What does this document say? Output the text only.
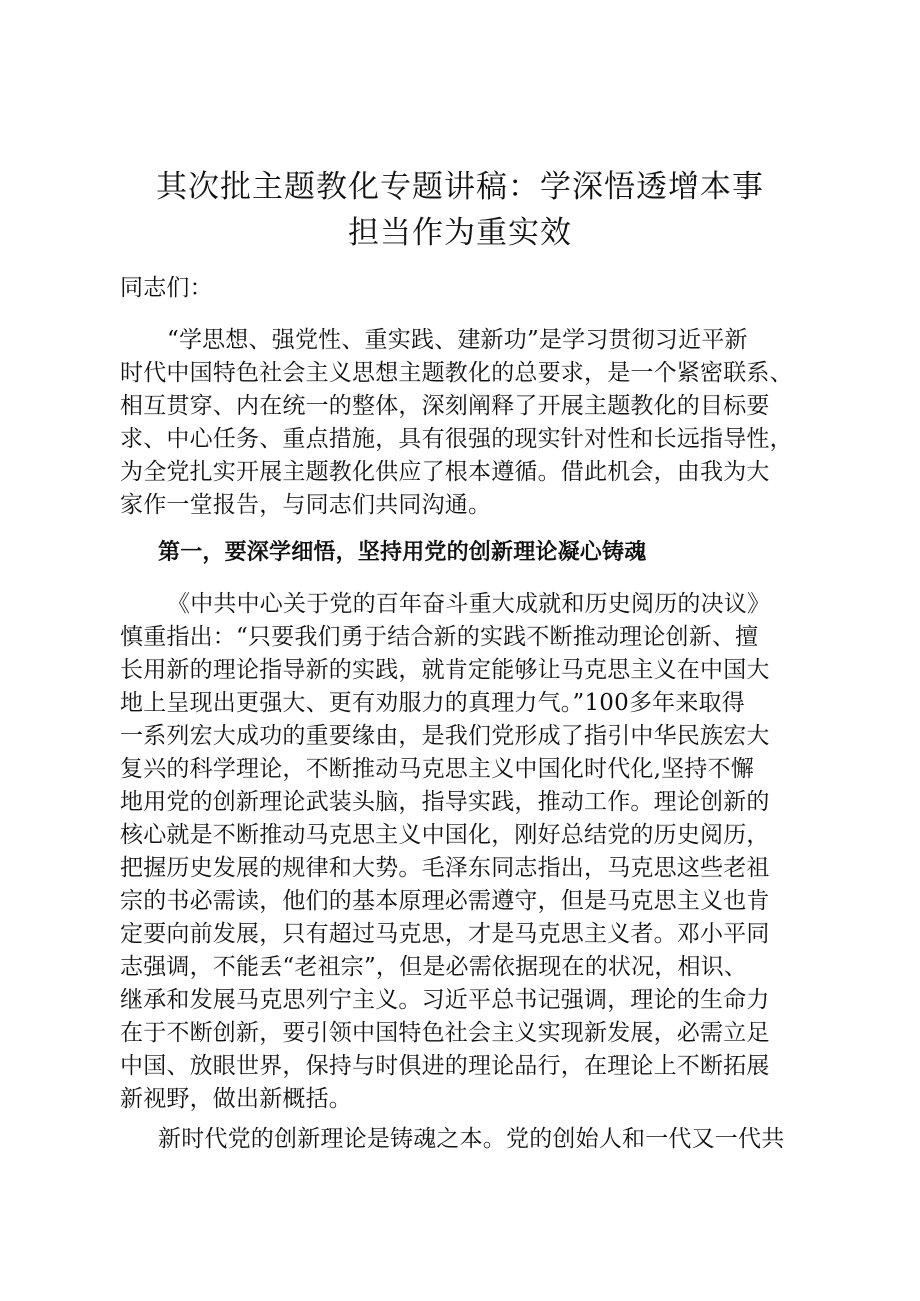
其次批主题教化专题讲稿：学深悟透增本事
担当作为重实效
同志们：
“学思想、强党性、重实践、建新功”是学习贯彻习近平新
时代中国特色社会主义思想主题教化的总要求，是一个紧密联系、
相互贯穿、内在统一的整体，深刻阐释了开展主题教化的目标要
求、中心任务、重点措施，具有很强的现实针对性和长远指导性，
为全党扎实开展主题教化供应了根本遵循。借此机会，由我为大
家作一堂报告，与同志们共同沟通。
第一，要深学细悟，坚持用党的创新理论凝心铸魂
《中共中心关于党的百年奋斗重大成就和历史阅历的决议》
慎重指出：“只要我们勇于结合新的实践不断推动理论创新、擅
长用新的理论指导新的实践，就肯定能够让马克思主义在中国大
地上呈现出更强大、更有劝服力的真理力气。”100多年来取得
一系列宏大成功的重要缘由，是我们党形成了指引中华民族宏大
复兴的科学理论，不断推动马克思主义中国化时代化,坚持不懈
地用党的创新理论武装头脑，指导实践，推动工作。理论创新的
核心就是不断推动马克思主义中国化，刚好总结党的历史阅历，
把握历史发展的规律和大势。毛泽东同志指出，马克思这些老祖
宗的书必需读，他们的基本原理必需遵守，但是马克思主义也肯
定要向前发展，只有超过马克思，才是马克思主义者。邓小平同
志强调，不能丢“老祖宗”，但是必需依据现在的状况，相识、
继承和发展马克思列宁主义。习近平总书记强调，理论的生命力
在于不断创新，要引领中国特色社会主义实现新发展，必需立足
中国、放眼世界，保持与时俱进的理论品行，在理论上不断拓展
新视野，做出新概括。
新时代党的创新理论是铸魂之本。党的创始人和一代又一代共
